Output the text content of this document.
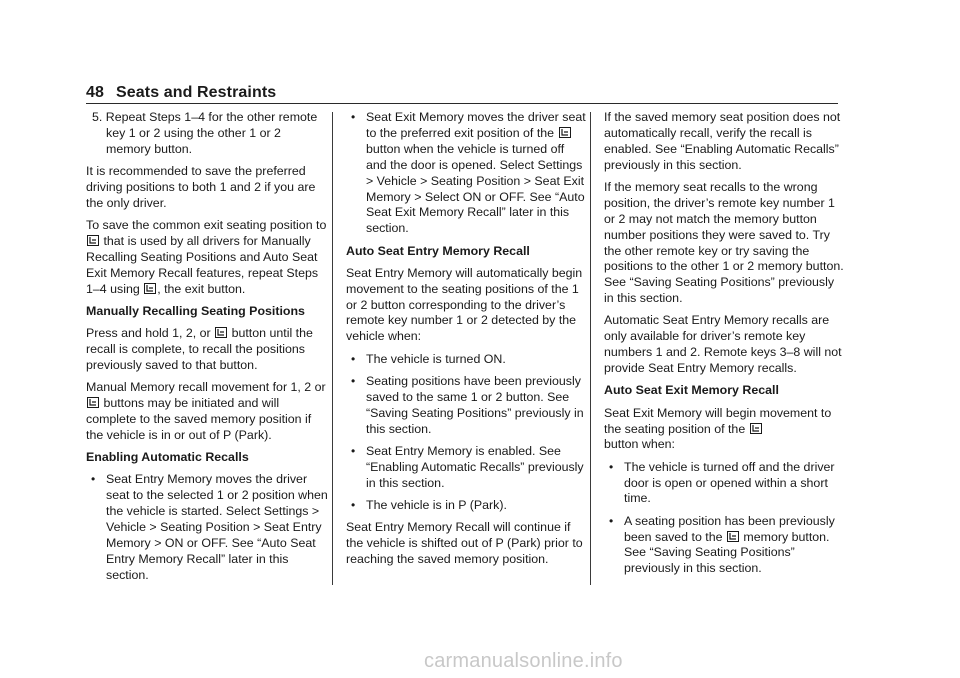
48 Seats and Restraints

5. Repeat Steps 1–4 for the other remote key 1 or 2 using the other 1 or 2 memory button.

It is recommended to save the preferred driving positions to both 1 and 2 if you are the only driver.

To save the common exit seating position to

that is used by all drivers for Manually Recalling Seating Positions and Auto Seat Exit Memory Recall features, repeat Steps 1–4 using , the exit button.

Manually Recalling Seating Positions

Press and hold 1, 2, or button until the recall is complete, to recall the positions previously saved to that button.

Manual Memory recall movement for 1, 2 or

buttons may be initiated and will complete to the saved memory position if the vehicle is in or out of P (Park).

Enabling Automatic Recalls

• Seat Entry Memory moves the driver seat to the selected 1 or 2 position when the vehicle is started. Select Settings > Vehicle > Seating Position > Seat Entry Memory > ON or OFF. See “Auto Seat Entry Memory Recall” later in this section.

• Seat Exit Memory moves the driver seat to the preferred exit position of the

button when the vehicle is turned off and the door is opened. Select Settings > Vehicle > Seating Position > Seat Exit Memory > Select ON or OFF. See “Auto Seat Exit Memory Recall” later in this section.

Auto Seat Entry Memory Recall

Seat Entry Memory will automatically begin movement to the seating positions of the 1 or 2 button corresponding to the driver’s remote key number 1 or 2 detected by the vehicle when:

• The vehicle is turned ON.

• Seating positions have been previously saved to the same 1 or 2 button. See “Saving Seating Positions” previously in this section.

• Seat Entry Memory is enabled. See “Enabling Automatic Recalls” previously in this section.

• The vehicle is in P (Park).

Seat Entry Memory Recall will continue if the vehicle is shifted out of P (Park) prior to reaching the saved memory position.

If the saved memory seat position does not automatically recall, verify the recall is enabled. See “Enabling Automatic Recalls” previously in this section.

If the memory seat recalls to the wrong position, the driver’s remote key number 1 or 2 may not match the memory button number positions they were saved to. Try the other remote key or try saving the positions to the other 1 or 2 memory button. See “Saving Seating Positions” previously in this section.

Automatic Seat Entry Memory recalls are only available for driver’s remote key numbers 1 and 2. Remote keys 3–8 will not provide Seat Entry Memory recalls.

Auto Seat Exit Memory Recall

Seat Exit Memory will begin movement to the seating position of the

button when:

• The vehicle is turned off and the driver door is open or opened within a short time.

• A seating position has been previously been saved to the memory button. See “Saving Seating Positions” previously in this section.

carmanualsonline.info
